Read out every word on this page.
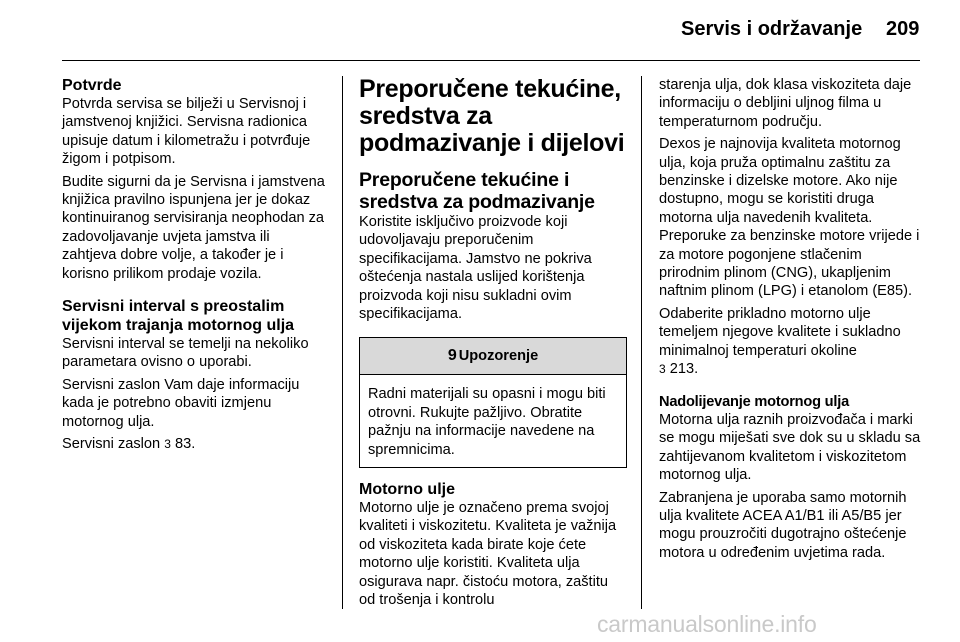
Servis i održavanje 209
Potvrde

Potvrda servisa se bilježi u Servisnoj i jamstvenoj knjižici. Servisna radionica upisuje datum i kilometražu i potvrđuje žigom i potpisom.

Budite sigurni da je Servisna i jamstvena knjižica pravilno ispunjena jer je dokaz kontinuiranog servisiranja neophodan za zadovoljavanje uvjeta jamstva ili zahtjeva dobre volje, a također je i korisno prilikom prodaje vozila.

Servisni interval s preostalim vijekom trajanja motornog ulja

Servisni interval se temelji na nekoliko parametara ovisno o uporabi.

Servisni zaslon Vam daje informaciju kada je potrebno obaviti izmjenu motornog ulja.

Servisni zaslon 3 83.

Preporučene tekućine, sredstva za podmazivanje i dijelovi
Preporučene tekućine i sredstva za podmazivanje

Koristite isključivo proizvode koji udovoljavaju preporučenim specifikacijama. Jamstvo ne pokriva oštećenja nastala uslijed korištenja proizvoda koji nisu sukladni ovim specifikacijama.

9 Upozorenje
Radni materijali su opasni i mogu biti otrovni. Rukujte pažljivo. Obratite pažnju na informacije navedene na spremnicima.
Motorno ulje

Motorno ulje je označeno prema svojoj kvaliteti i viskozitetu. Kvaliteta je važnija od viskoziteta kada birate koje ćete motorno ulje koristiti. Kvaliteta ulja osigurava napr. čistoću motora, zaštitu od trošenja i kontrolu

starenja ulja, dok klasa viskoziteta daje informaciju o debljini uljnog filma u temperaturnom području.

Dexos je najnovija kvaliteta motornog ulja, koja pruža optimalnu zaštitu za benzinske i dizelske motore. Ako nije dostupno, mogu se koristiti druga motorna ulja navedenih kvaliteta. Preporuke za benzinske motore vrijede i za motore pogonjene stlačenim prirodnim plinom (CNG), ukapljenim naftnim plinom (LPG) i etanolom (E85).

Odaberite prikladno motorno ulje temeljem njegove kvalitete i sukladno minimalnoj temperaturi okoline
3 213.

Nadolijevanje motornog ulja

Motorna ulja raznih proizvođača i marki se mogu miješati sve dok su u skladu sa zahtijevanom kvalitetom i viskozitetom motornog ulja.

Zabranjena je uporaba samo motornih ulja kvalitete ACEA A1/B1 ili A5/B5 jer mogu prouzročiti dugotrajno oštećenje motora u određenim uvjetima rada.

carmanualsonline.info
